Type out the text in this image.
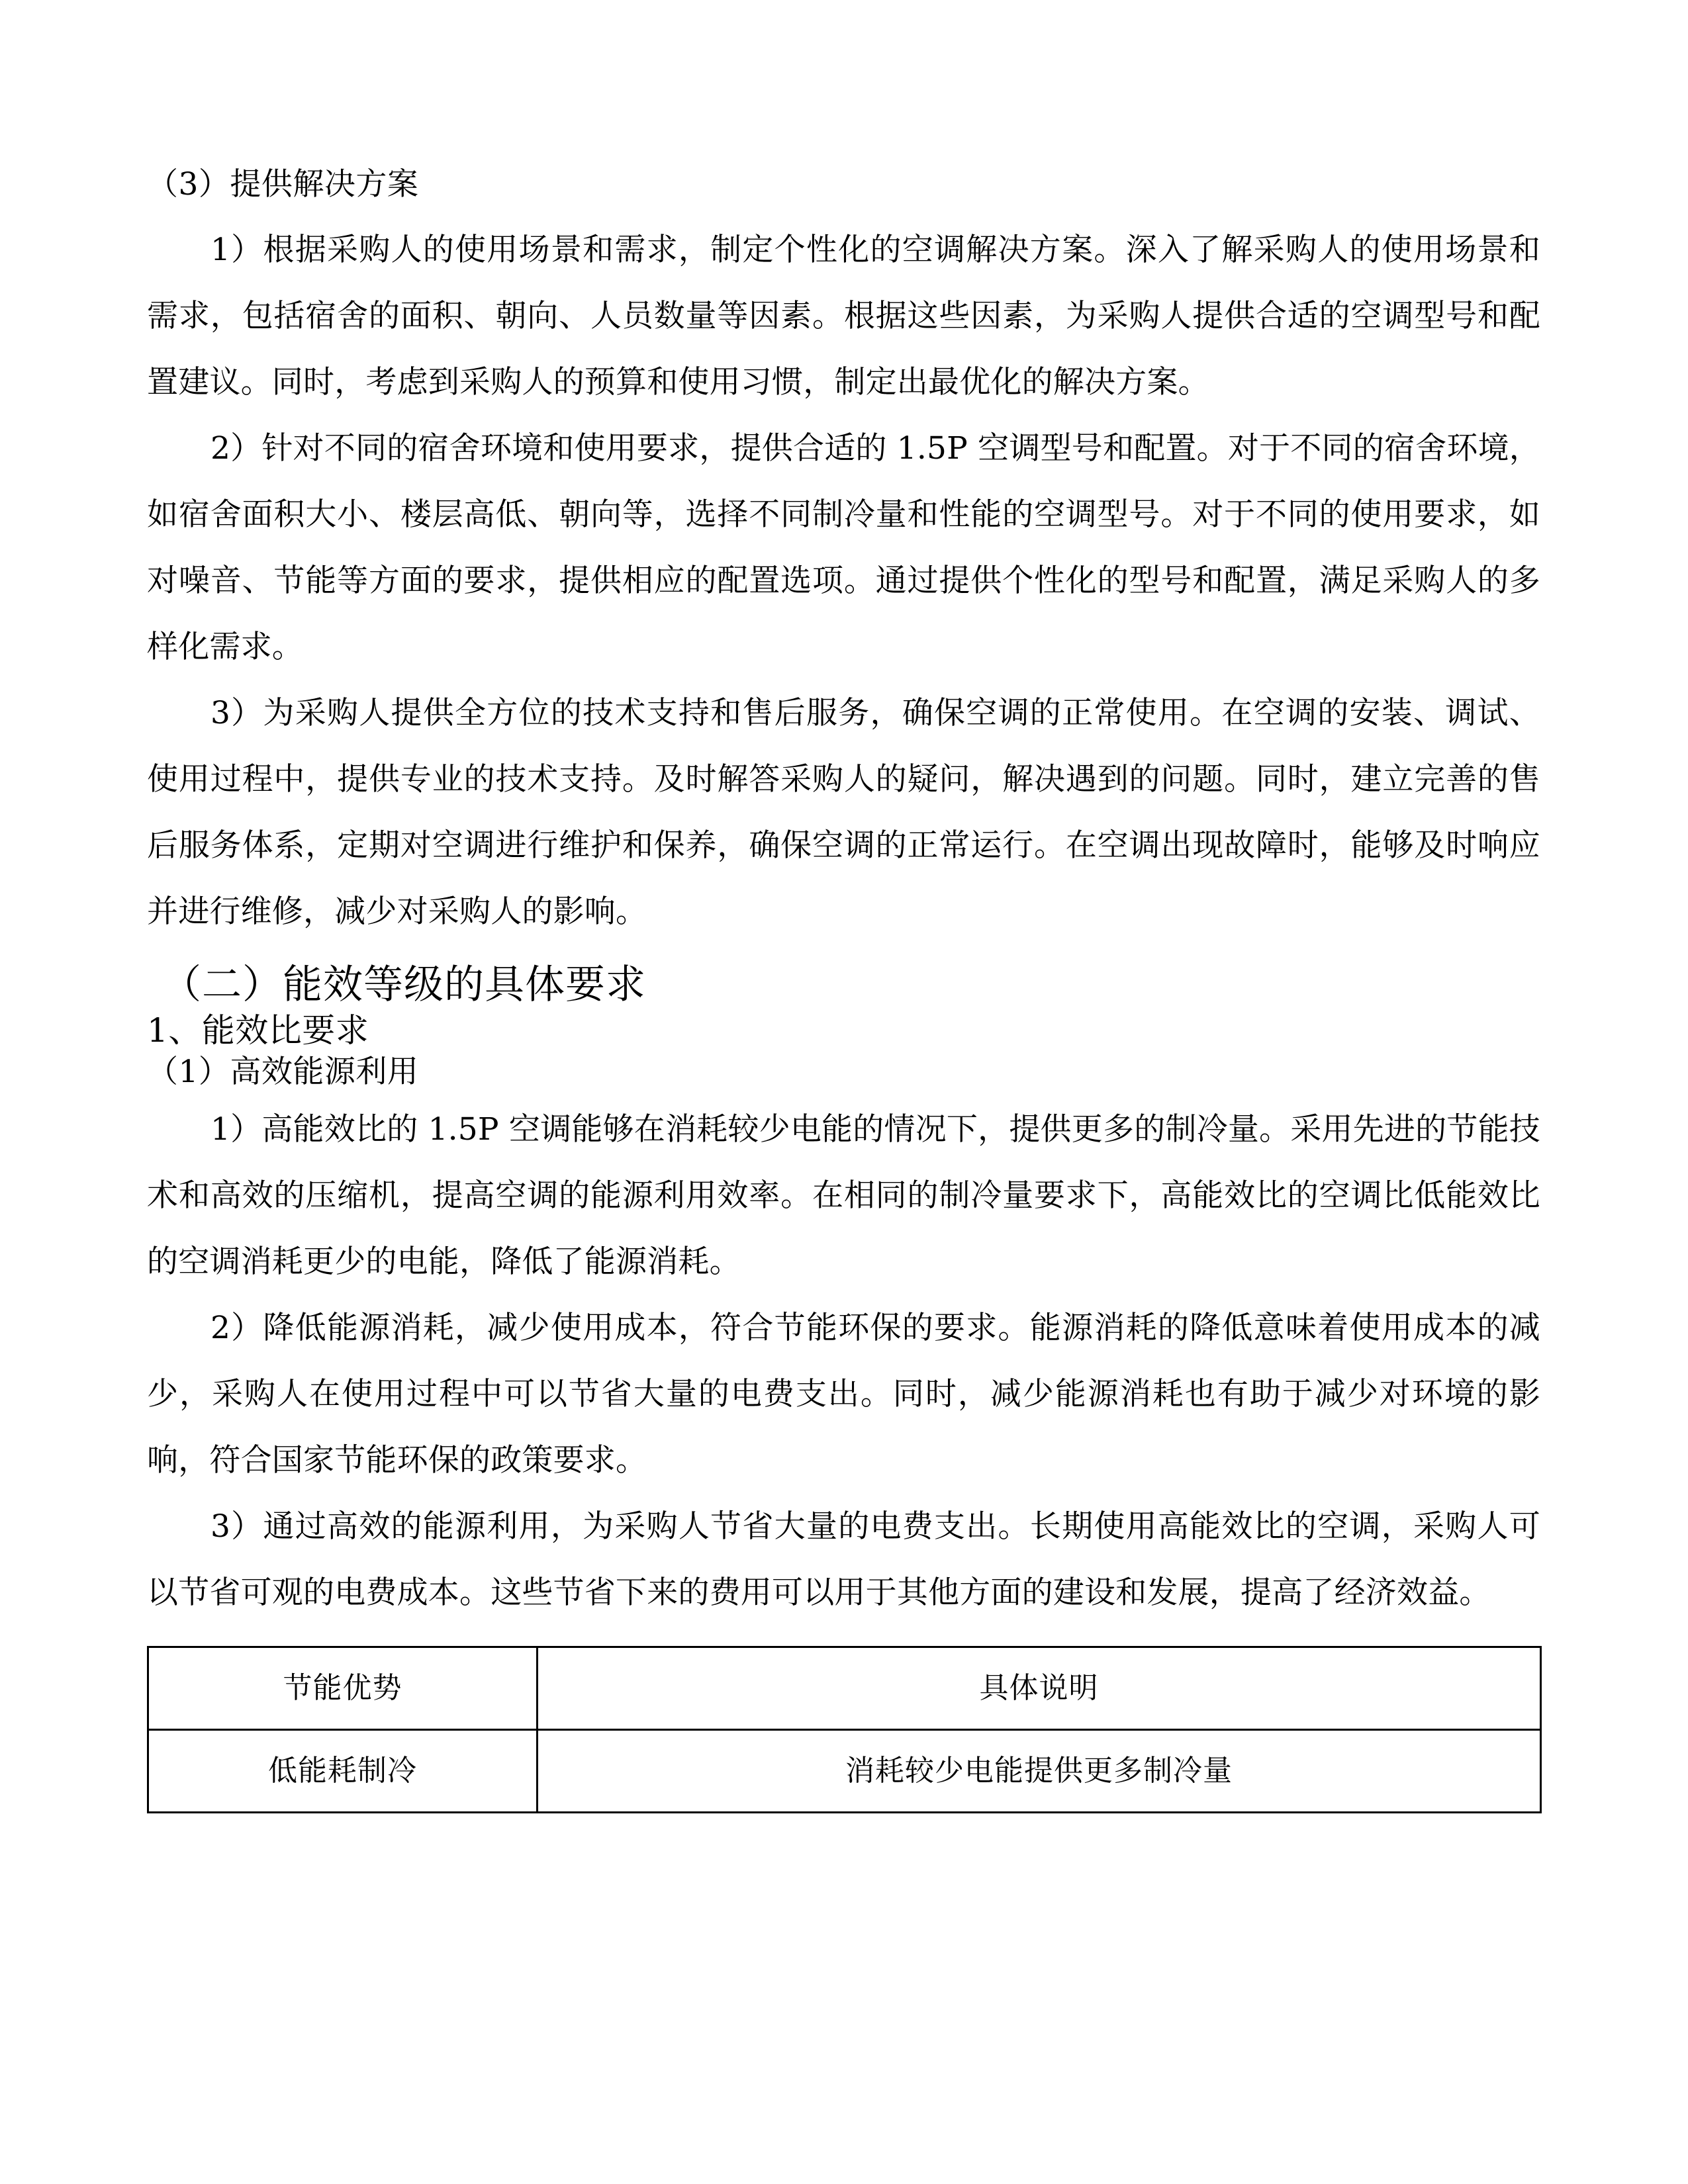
（3）提供解决方案

1）根据采购人的使用场景和需求，制定个性化的空调解决方案。深入了解采购人的使用场景和需求，包括宿舍的面积、朝向、人员数量等因素。根据这些因素，为采购人提供合适的空调型号和配置建议。同时，考虑到采购人的预算和使用习惯，制定出最优化的解决方案。

2）针对不同的宿舍环境和使用要求，提供合适的 1.5P 空调型号和配置。对于不同的宿舍环境，如宿舍面积大小、楼层高低、朝向等，选择不同制冷量和性能的空调型号。对于不同的使用要求，如对噪音、节能等方面的要求，提供相应的配置选项。通过提供个性化的型号和配置，满足采购人的多样化需求。

3）为采购人提供全方位的技术支持和售后服务，确保空调的正常使用。在空调的安装、调试、使用过程中，提供专业的技术支持。及时解答采购人的疑问，解决遇到的问题。同时，建立完善的售后服务体系，定期对空调进行维护和保养，确保空调的正常运行。在空调出现故障时，能够及时响应并进行维修，减少对采购人的影响。

（二）能效等级的具体要求

1、能效比要求

（1）高效能源利用

1）高能效比的 1.5P 空调能够在消耗较少电能的情况下，提供更多的制冷量。采用先进的节能技术和高效的压缩机，提高空调的能源利用效率。在相同的制冷量要求下，高能效比的空调比低能效比的空调消耗更少的电能，降低了能源消耗。

2）降低能源消耗，减少使用成本，符合节能环保的要求。能源消耗的降低意味着使用成本的减少，采购人在使用过程中可以节省大量的电费支出。同时，减少能源消耗也有助于减少对环境的影响，符合国家节能环保的政策要求。

3）通过高效的能源利用，为采购人节省大量的电费支出。长期使用高能效比的空调，采购人可以节省可观的电费成本。这些节省下来的费用可以用于其他方面的建设和发展，提高了经济效益。

节能优势	具体说明
低能耗制冷	消耗较少电能提供更多制冷量
